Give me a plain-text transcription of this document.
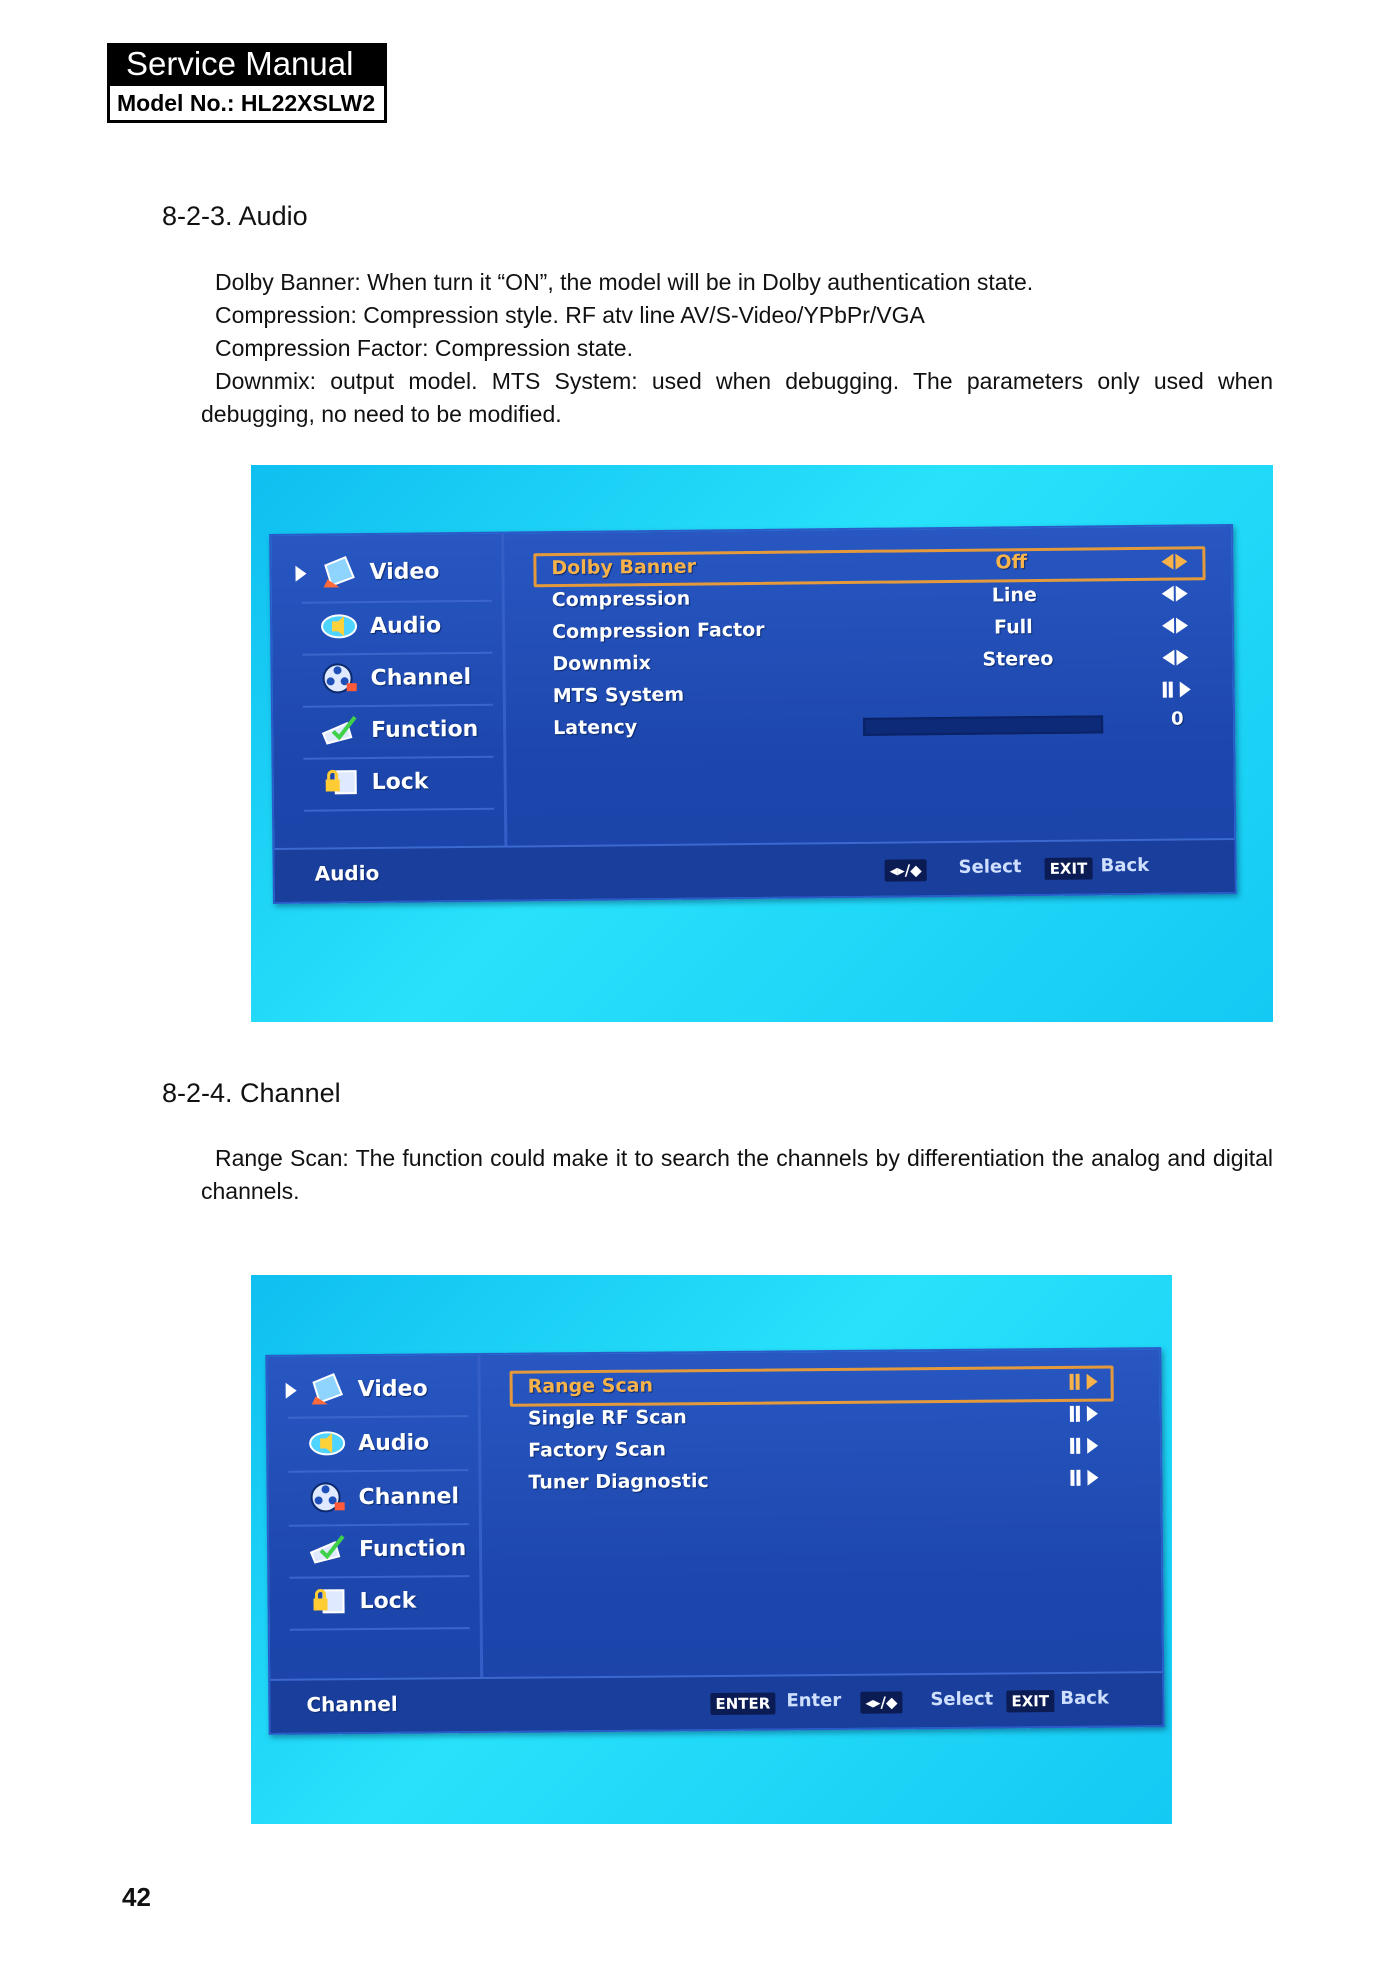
Service Manual
Model No.: HL22XSLW2
8-2-3. Audio
Dolby Banner: When turn it “ON”, the model will be in Dolby authentication state.
Compression: Compression style. RF atv line AV/S-Video/YPbPr/VGA
Compression Factor: Compression state.
Downmix: output model. MTS System: used when debugging. The parameters only used when debugging, no need to be modified.
Video
Audio
Channel
Function
Lock
Dolby Banner	Off
Compression	Line
Compression Factor	Full
Downmix	Stereo
MTS System
Latency	0
Audio	◂▸/◆ Select	EXIT Back
8-2-4. Channel
Range Scan: The function could make it to search the channels by differentiation the analog and digital channels.
Video
Audio
Channel
Function
Lock
Range Scan
Single RF Scan
Factory Scan
Tuner Diagnostic
Channel	ENTER Enter	◂▸/◆ Select	EXIT Back
42
